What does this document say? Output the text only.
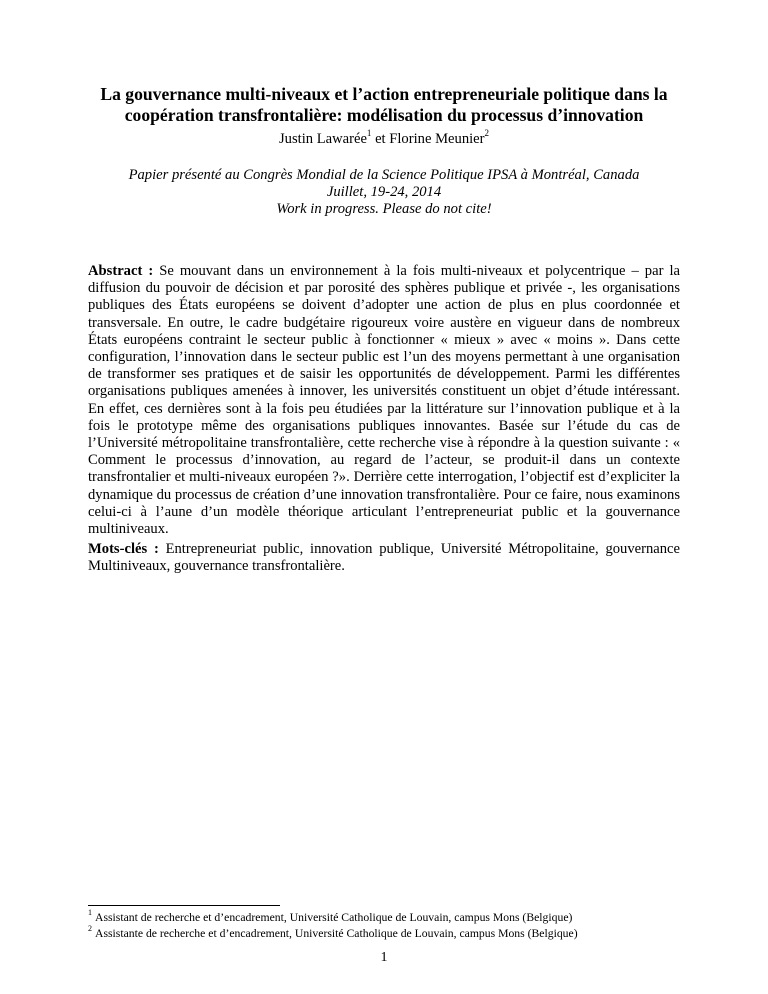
La gouvernance multi-niveaux et l’action entrepreneuriale politique dans la
coopération transfrontalière: modélisation du processus d’innovation
Justin Lawarée$^1$ et Florine Meunier$^2$
Papier présenté au Congrès Mondial de la Science Politique IPSA à Montréal, Canada
Juillet, 19-24, 2014
Work in progress. Please do not cite!
Abstract : Se mouvant dans un environnement à la fois multi-niveaux et polycentrique – par la diffusion du pouvoir de décision et par porosité des sphères publique et privée -, les organisations publiques des États européens se doivent d’adopter une action de plus en plus coordonnée et transversale. En outre, le cadre budgétaire rigoureux voire austère en vigueur dans de nombreux États européens contraint le secteur public à fonctionner « mieux » avec « moins ». Dans cette configuration, l’innovation dans le secteur public est l’un des moyens permettant à une organisation de transformer ses pratiques et de saisir les opportunités de développement. Parmi les différentes organisations publiques amenées à innover, les universités constituent un objet d’étude intéressant. En effet, ces dernières sont à la fois peu étudiées par la littérature sur l’innovation publique et à la fois le prototype même des organisations publiques innovantes. Basée sur l’étude du cas de l’Université métropolitaine transfrontalière, cette recherche vise à répondre à la question suivante : « Comment le processus d’innovation, au regard de l’acteur, se produit-il dans un contexte transfrontalier et multi-niveaux européen ?». Derrière cette interrogation, l’objectif est d’expliciter la dynamique du processus de création d’une innovation transfrontalière. Pour ce faire, nous examinons celui-ci à l’aune d’un modèle théorique articulant l’entrepreneuriat public et la gouvernance multiniveaux.
Mots-clés : Entrepreneuriat public, innovation publique, Université Métropolitaine, gouvernance Multiniveaux, gouvernance transfrontalière.
$^1$ Assistant de recherche et d’encadrement, Université Catholique de Louvain, campus Mons (Belgique)
$^2$ Assistante de recherche et d’encadrement, Université Catholique de Louvain, campus Mons (Belgique)
1
